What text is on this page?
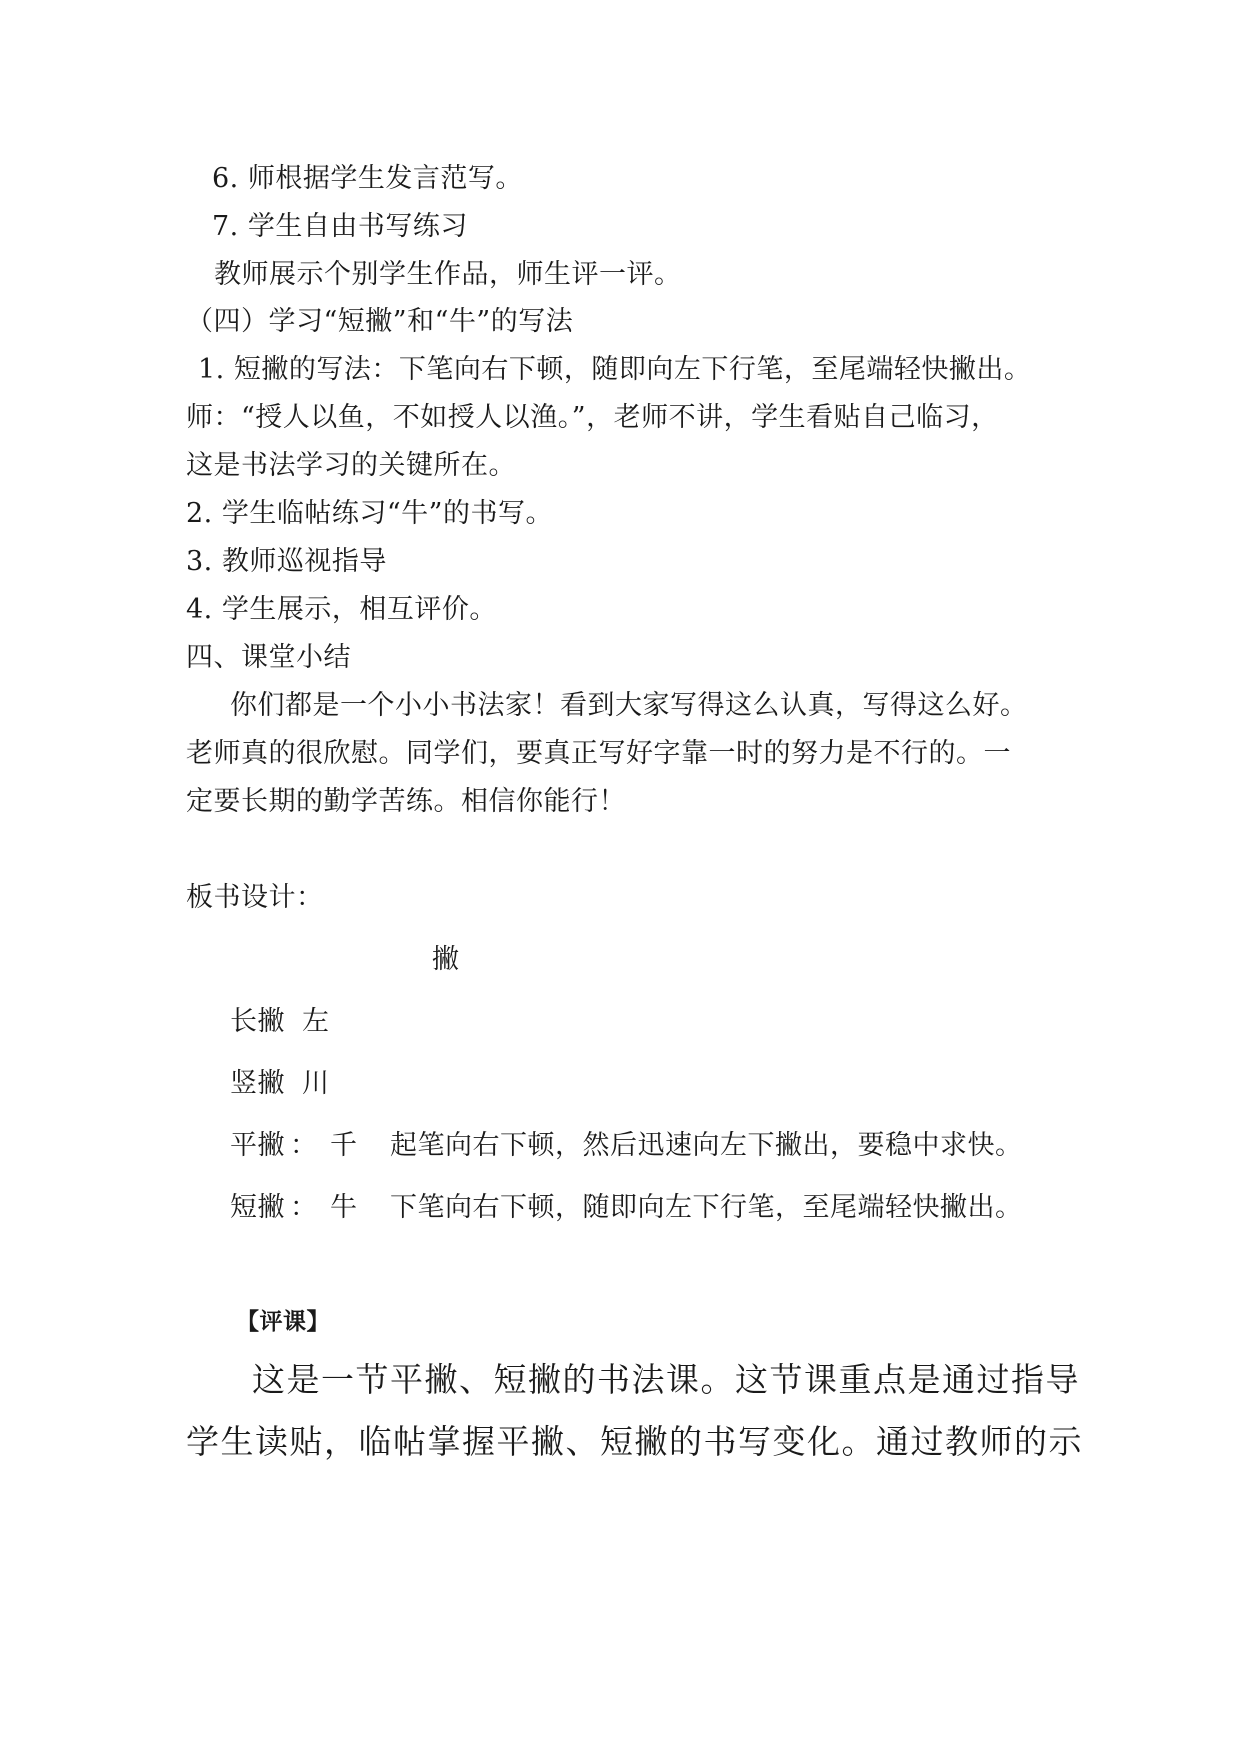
6. 师根据学生发言范写。
7. 学生自由书写练习
教师展示个别学生作品，师生评一评。
（四）学习“短撇”和“牛”的写法
1. 短撇的写法：下笔向右下顿，随即向左下行笔，至尾端轻快撇出。
师：“授人以鱼，不如授人以渔。”，老师不讲，学生看贴自己临习，
这是书法学习的关键所在。
2. 学生临帖练习“牛”的书写。
3. 教师巡视指导
4. 学生展示，相互评价。
四、课堂小结
你们都是一个小小书法家！看到大家写得这么认真，写得这么好。
老师真的很欣慰。同学们，要真正写好字靠一时的努力是不行的。一
定要长期的勤学苦练。相信你能行！
板书设计：
撇
长撇 左
竖撇 川
平撇 ： 千 起笔向右下顿，然后迅速向左下撇出，要稳中求快。
短撇 ： 牛 下笔向右下顿，随即向左下行笔，至尾端轻快撇出。
【评课】
这是一节平撇、短撇的书法课。这节课重点是通过指导
学生读贴，临帖掌握平撇、短撇的书写变化。通过教师的示
